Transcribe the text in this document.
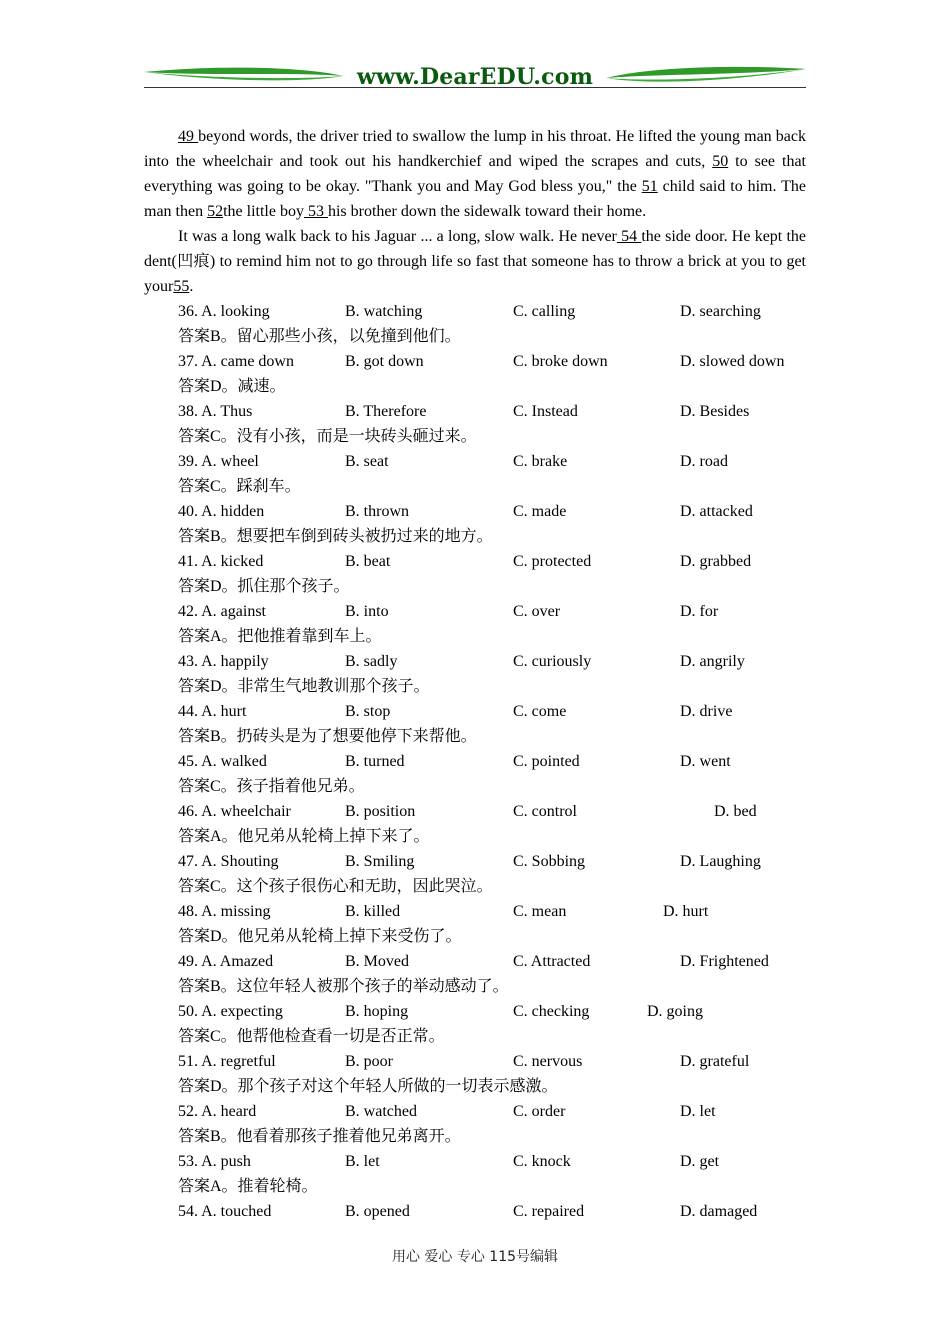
www.DearEDU.com

49 beyond words, the driver tried to swallow the lump in his throat. He lifted the young man back into the wheelchair and took out his handkerchief and wiped the scrapes and cuts, 50 to see that everything was going to be okay. "Thank you and May God bless you," the 51 child said to him. The man then 52the little boy 53 his brother down the sidewalk toward their home.

It was a long walk back to his Jaguar ... a long, slow walk. He never 54 the side door. He kept the dent(凹痕) to remind him not to go through life so fast that someone has to throw a brick at you to get your55.

36. A. looking	B. watching	C. calling	D. searching
答案B。留心那些小孩，以免撞到他们。
37. A. came down	B. got down	C. broke down	D. slowed down
答案D。减速。
38. A. Thus	B. Therefore	C. Instead	D. Besides
答案C。没有小孩，而是一块砖头砸过来。
39. A. wheel	B. seat	C. brake	D. road
答案C。踩刹车。
40. A. hidden	B. thrown	C. made	D. attacked
答案B。想要把车倒到砖头被扔过来的地方。
41. A. kicked	B. beat	C. protected	D. grabbed
答案D。抓住那个孩子。
42. A. against	B. into	C. over	D. for
答案A。把他推着靠到车上。
43. A. happily	B. sadly	C. curiously	D. angrily
答案D。非常生气地教训那个孩子。
44. A. hurt	B. stop	C. come	D. drive
答案B。扔砖头是为了想要他停下来帮他。
45. A. walked	B. turned	C. pointed	D. went
答案C。孩子指着他兄弟。
46. A. wheelchair	B. position	C. control	D. bed
答案A。他兄弟从轮椅上掉下来了。
47. A. Shouting	B. Smiling	C. Sobbing	D. Laughing
答案C。这个孩子很伤心和无助，因此哭泣。
48. A. missing	B. killed	C. mean	D. hurt
答案D。他兄弟从轮椅上掉下来受伤了。
49. A. Amazed	B. Moved	C. Attracted	D. Frightened
答案B。这位年轻人被那个孩子的举动感动了。
50. A. expecting	B. hoping	C. checking	D. going
答案C。他帮他检查看一切是否正常。
51. A. regretful	B. poor	C. nervous	D. grateful
答案D。那个孩子对这个年轻人所做的一切表示感激。
52. A. heard	B. watched	C. order	D. let
答案B。他看着那孩子推着他兄弟离开。
53. A. push	B. let	C. knock	D. get
答案A。推着轮椅。
54. A. touched	B. opened	C. repaired	D. damaged
用心 爱心 专心 115号编辑
